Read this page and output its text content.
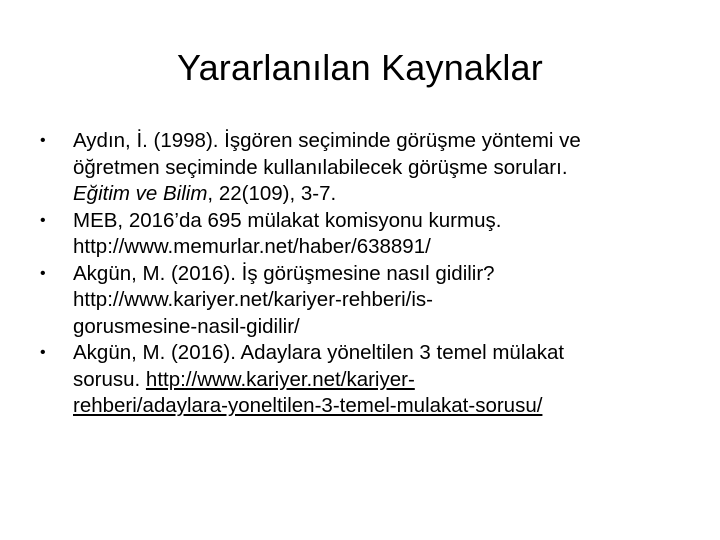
Yararlanılan Kaynaklar
•	Aydın, İ. (1998). İşgören seçiminde görüşme yöntemi ve
öğretmen seçiminde kullanılabilecek görüşme soruları.
Eğitim ve Bilim, 22(109), 3-7.
•	MEB, 2016’da 695 mülakat komisyonu kurmuş.
http://www.memurlar.net/haber/638891/
•	Akgün, M. (2016). İş görüşmesine nasıl gidilir?
http://www.kariyer.net/kariyer-rehberi/is-
gorusmesine-nasil-gidilir/
•	Akgün, M. (2016). Adaylara yöneltilen 3 temel mülakat
sorusu. http://www.kariyer.net/kariyer-
rehberi/adaylara-yoneltilen-3-temel-mulakat-sorusu/
